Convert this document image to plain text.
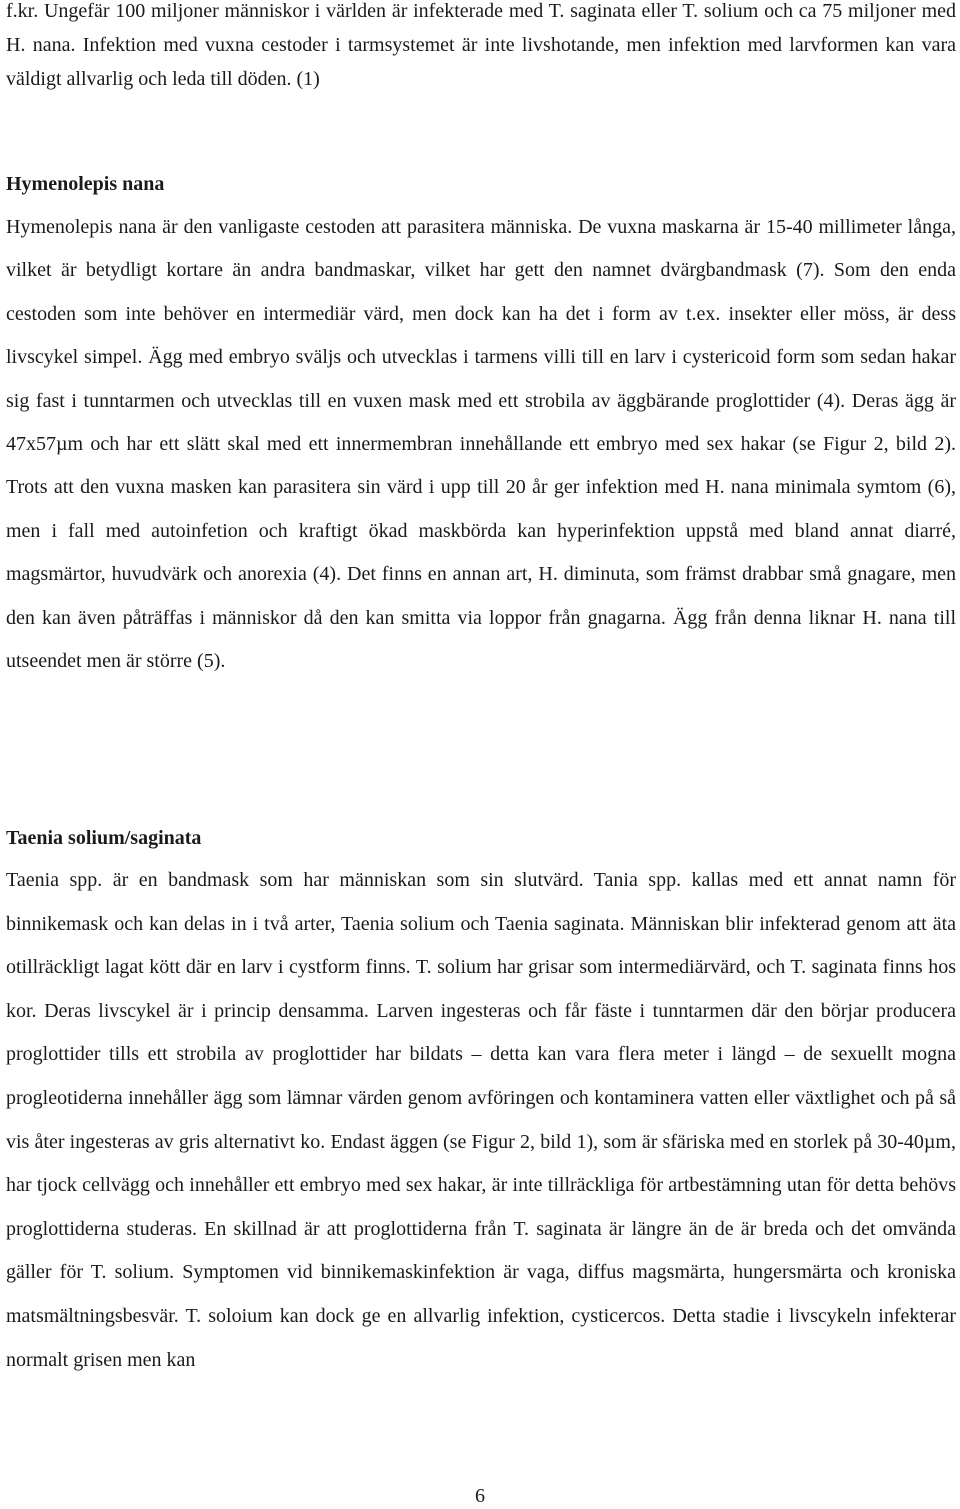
f.kr. Ungefär 100 miljoner människor i världen är infekterade med T. saginata eller T. solium och ca 75 miljoner med H. nana. Infektion med vuxna cestoder i tarmsystemet är inte livshotande, men infektion med larvformen kan vara väldigt allvarlig och leda till döden. (1)

Hymenolepis nana

Hymenolepis nana är den vanligaste cestoden att parasitera människa. De vuxna maskarna är 15-40 millimeter långa, vilket är betydligt kortare än andra bandmaskar, vilket har gett den namnet dvärgbandmask (7). Som den enda cestoden som inte behöver en intermediär värd, men dock kan ha det i form av t.ex. insekter eller möss, är dess livscykel simpel. Ägg med embryo sväljs och utvecklas i tarmens villi till en larv i cystericoid form som sedan hakar sig fast i tunntarmen och utvecklas till en vuxen mask med ett strobila av äggbärande proglottider (4). Deras ägg är 47x57µm och har ett slätt skal med ett innermembran innehållande ett embryo med sex hakar (se Figur 2, bild 2). Trots att den vuxna masken kan parasitera sin värd i upp till 20 år ger infektion med H. nana minimala symtom (6), men i fall med autoinfetion och kraftigt ökad maskbörda kan hyperinfektion uppstå med bland annat diarré, magsmärtor, huvudvärk och anorexia (4). Det finns en annan art, H. diminuta, som främst drabbar små gnagare, men den kan även påträffas i människor då den kan smitta via loppor från gnagarna. Ägg från denna liknar H. nana till utseendet men är större (5).

Taenia solium/saginata

Taenia spp. är en bandmask som har människan som sin slutvärd. Tania spp. kallas med ett annat namn för binnikemask och kan delas in i två arter, Taenia solium och Taenia saginata. Människan blir infekterad genom att äta otillräckligt lagat kött där en larv i cystform finns. T. solium har grisar som intermediärvärd, och T. saginata finns hos kor. Deras livscykel är i princip densamma. Larven ingesteras och får fäste i tunntarmen där den börjar producera proglottider tills ett strobila av proglottider har bildats – detta kan vara flera meter i längd – de sexuellt mogna progleotiderna innehåller ägg som lämnar värden genom avföringen och kontaminera vatten eller växtlighet och på så vis åter ingesteras av gris alternativt ko. Endast äggen (se Figur 2, bild 1), som är sfäriska med en storlek på 30-40µm, har tjock cellvägg och innehåller ett embryo med sex hakar, är inte tillräckliga för artbestämning utan för detta behövs proglottiderna studeras. En skillnad är att proglottiderna från T. saginata är längre än de är breda och det omvända gäller för T. solium. Symptomen vid binnikemaskinfektion är vaga, diffus magsmärta, hungersmärta och kroniska matsmältningsbesvär. T. soloium kan dock ge en allvarlig infektion, cysticercos. Detta stadie i livscykeln infekterar normalt grisen men kan

6
